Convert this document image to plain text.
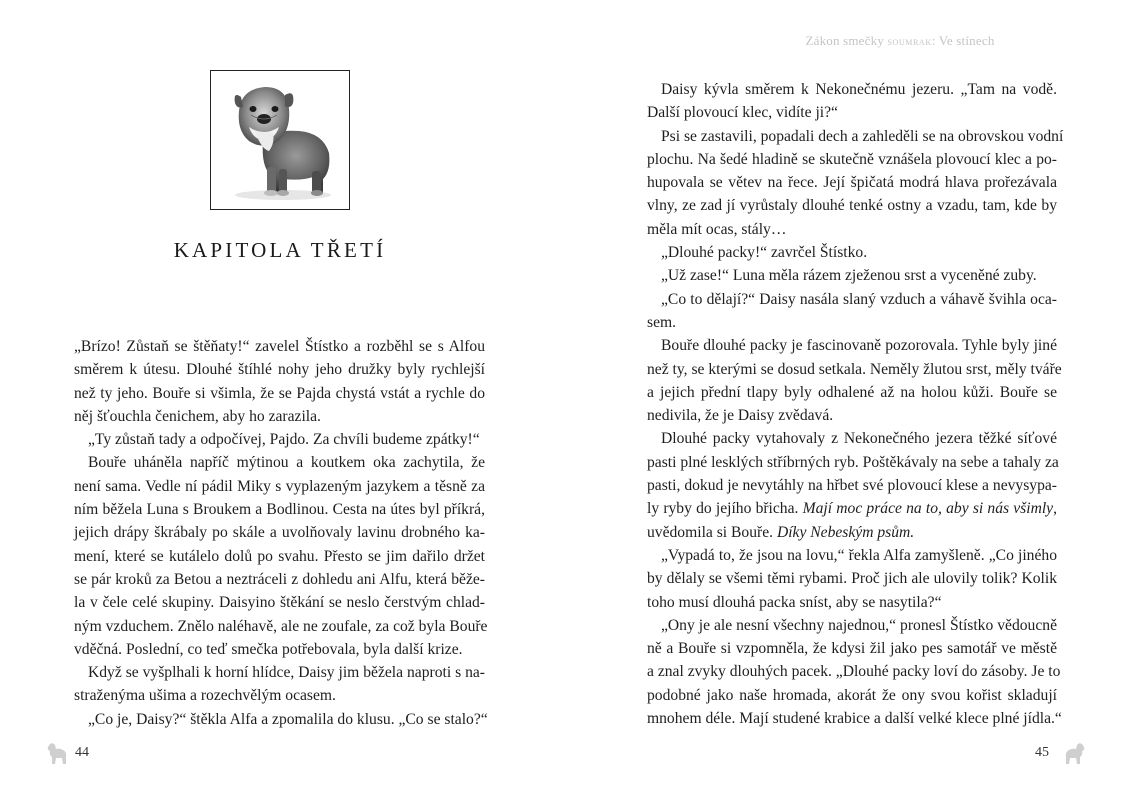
KAPITOLA TŘETÍ
„Brízo! Zůstaň se štěňaty!“ zavelel Štístko a rozběhl se s Alfou
směrem k útesu. Dlouhé štíhlé nohy jeho družky byly rychlejší
než ty jeho. Bouře si všimla, že se Pajda chystá vstát a rychle do
něj šťouchla čenichem, aby ho zarazila.
„Ty zůstaň tady a odpočívej, Pajdo. Za chvíli budeme zpátky!“
Bouře uháněla napříč mýtinou a koutkem oka zachytila, že
není sama. Vedle ní pádil Miky s vyplazeným jazykem a těsně za
ním běžela Luna s Broukem a Bodlinou. Cesta na útes byl příkrá,
jejich drápy škrábaly po skále a uvolňovaly lavinu drobného ka-
mení, které se kutálelo dolů po svahu. Přesto se jim dařilo držet
se pár kroků za Betou a neztráceli z dohledu ani Alfu, která běže-
la v čele celé skupiny. Daisyino štěkání se neslo čerstvým chlad-
ným vzduchem. Znělo naléhavě, ale ne zoufale, za což byla Bouře
vděčná. Poslední, co teď smečka potřebovala, byla další krize.
Když se vyšplhali k horní hlídce, Daisy jim běžela naproti s na-
straženýma ušima a rozechvělým ocasem.
„Co je, Daisy?“ štěkla Alfa a zpomalila do klusu. „Co se stalo?“
44
Zákon smečky soumrak: Ve stínech
Daisy kývla směrem k Nekonečnému jezeru. „Tam na vodě.
Další plovoucí klec, vidíte ji?“
Psi se zastavili, popadali dech a zahleděli se na obrovskou vodní
plochu. Na šedé hladině se skutečně vznášela plovoucí klec a po-
hupovala se větev na řece. Její špičatá modrá hlava prořezávala
vlny, ze zad jí vyrůstaly dlouhé tenké ostny a vzadu, tam, kde by
měla mít ocas, stály…
„Dlouhé packy!“ zavrčel Štístko.
„Už zase!“ Luna měla rázem zježenou srst a vyceněné zuby.
„Co to dělají?“ Daisy nasála slaný vzduch a váhavě švihla oca-
sem.
Bouře dlouhé packy je fascinovaně pozorovala. Tyhle byly jiné
než ty, se kterými se dosud setkala. Neměly žlutou srst, měly tváře
a jejich přední tlapy byly odhalené až na holou kůži. Bouře se
nedivila, že je Daisy zvědavá.
Dlouhé packy vytahovaly z Nekonečného jezera těžké síťové
pasti plné lesklých stříbrných ryb. Poštěkávaly na sebe a tahaly za
pasti, dokud je nevytáhly na hřbet své plovoucí klese a nevysypa-
ly ryby do jejího břicha. Mají moc práce na to, aby si nás všimly,
uvědomila si Bouře. Díky Nebeským psům.
„Vypadá to, že jsou na lovu,“ řekla Alfa zamyšleně. „Co jiného
by dělaly se všemi těmi rybami. Proč jich ale ulovily tolik? Kolik
toho musí dlouhá packa sníst, aby se nasytila?“
„Ony je ale nesní všechny najednou,“ pronesl Štístko vědoucně
ně a Bouře si vzpomněla, že kdysi žil jako pes samotář ve městě
a znal zvyky dlouhých pacek. „Dlouhé packy loví do zásoby. Je to
podobné jako naše hromada, akorát že ony svou kořist skladují
mnohem déle. Mají studené krabice a další velké klece plné jídla.“
45
